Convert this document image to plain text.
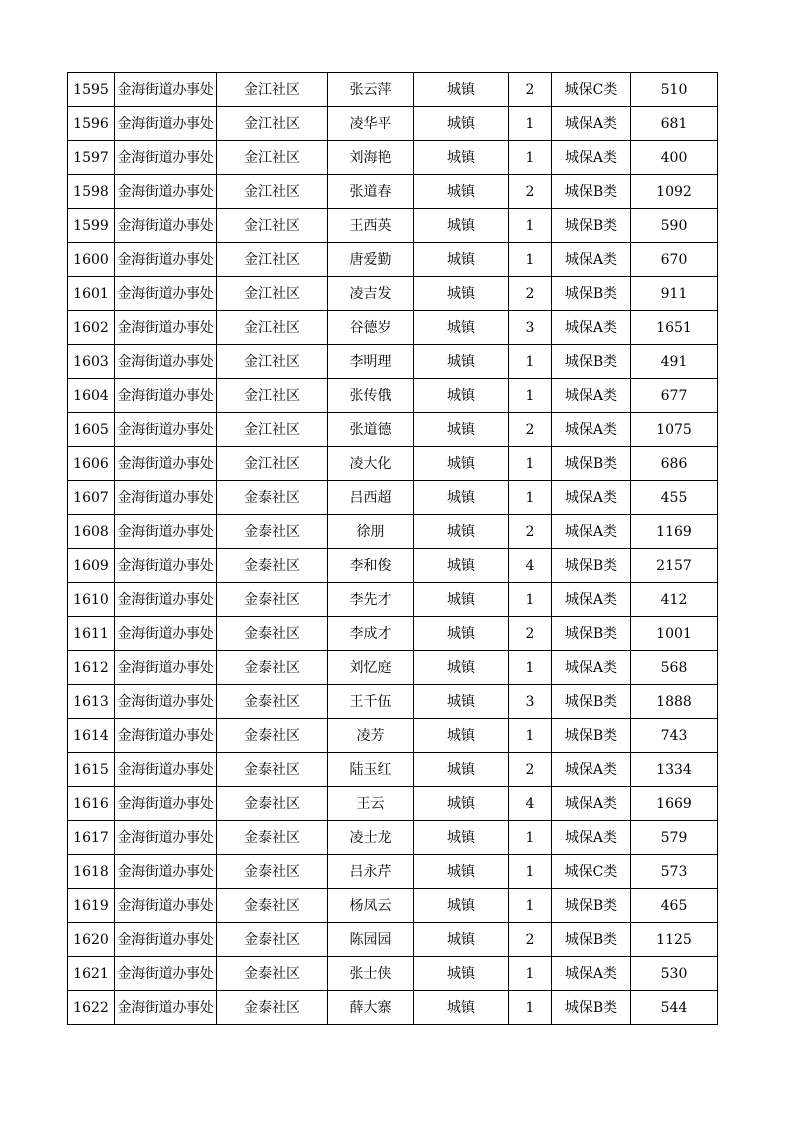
1595	金海街道办事处	金江社区	张云萍	城镇	2	城保C类	510
1596	金海街道办事处	金江社区	凌华平	城镇	1	城保A类	681
1597	金海街道办事处	金江社区	刘海艳	城镇	1	城保A类	400
1598	金海街道办事处	金江社区	张道春	城镇	2	城保B类	1092
1599	金海街道办事处	金江社区	王西英	城镇	1	城保B类	590
1600	金海街道办事处	金江社区	唐爱勤	城镇	1	城保A类	670
1601	金海街道办事处	金江社区	凌吉发	城镇	2	城保B类	911
1602	金海街道办事处	金江社区	谷德岁	城镇	3	城保A类	1651
1603	金海街道办事处	金江社区	李明理	城镇	1	城保B类	491
1604	金海街道办事处	金江社区	张传俄	城镇	1	城保A类	677
1605	金海街道办事处	金江社区	张道德	城镇	2	城保A类	1075
1606	金海街道办事处	金江社区	凌大化	城镇	1	城保B类	686
1607	金海街道办事处	金泰社区	吕西超	城镇	1	城保A类	455
1608	金海街道办事处	金泰社区	徐朋	城镇	2	城保A类	1169
1609	金海街道办事处	金泰社区	李和俊	城镇	4	城保B类	2157
1610	金海街道办事处	金泰社区	李先才	城镇	1	城保A类	412
1611	金海街道办事处	金泰社区	李成才	城镇	2	城保B类	1001
1612	金海街道办事处	金泰社区	刘忆庭	城镇	1	城保A类	568
1613	金海街道办事处	金泰社区	王千伍	城镇	3	城保B类	1888
1614	金海街道办事处	金泰社区	凌芳	城镇	1	城保B类	743
1615	金海街道办事处	金泰社区	陆玉红	城镇	2	城保A类	1334
1616	金海街道办事处	金泰社区	王云	城镇	4	城保A类	1669
1617	金海街道办事处	金泰社区	凌士龙	城镇	1	城保A类	579
1618	金海街道办事处	金泰社区	吕永芹	城镇	1	城保C类	573
1619	金海街道办事处	金泰社区	杨凤云	城镇	1	城保B类	465
1620	金海街道办事处	金泰社区	陈园园	城镇	2	城保B类	1125
1621	金海街道办事处	金泰社区	张士侠	城镇	1	城保A类	530
1622	金海街道办事处	金泰社区	薛大寨	城镇	1	城保B类	544
